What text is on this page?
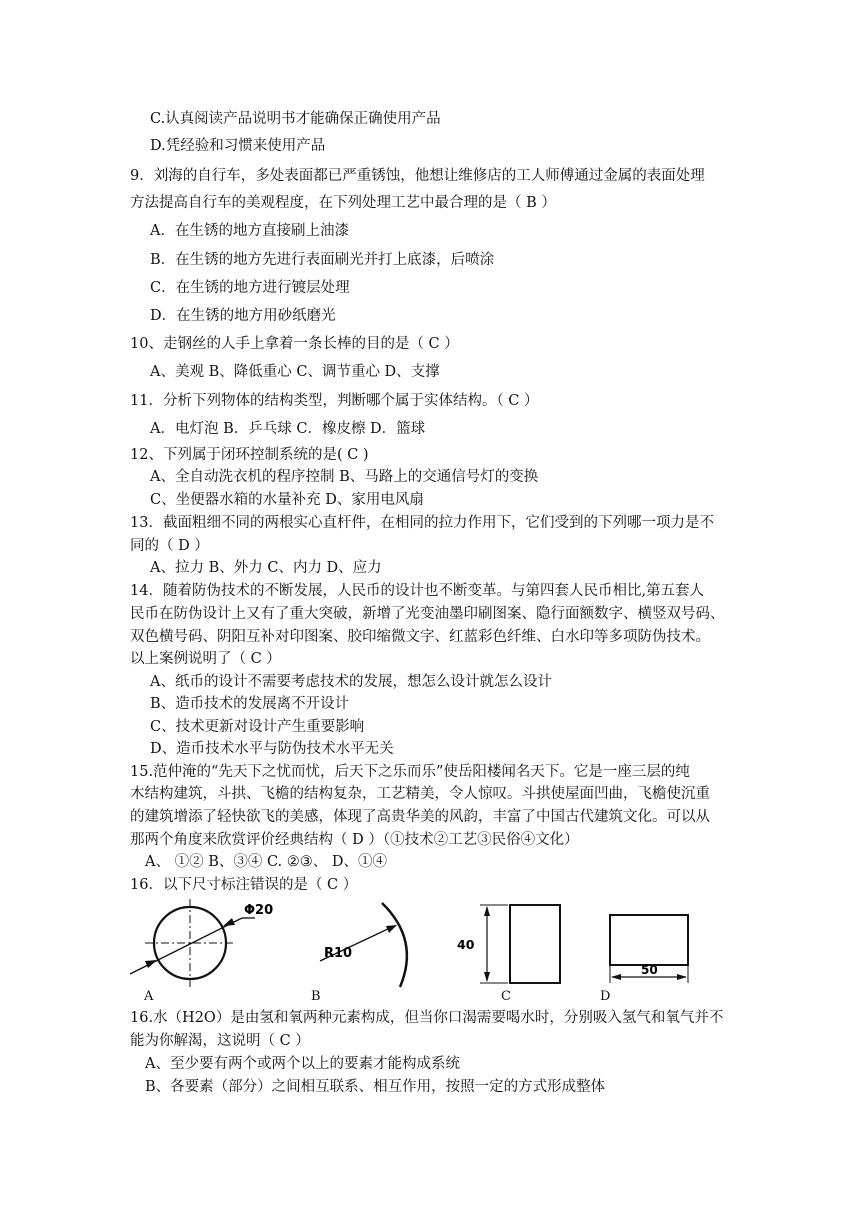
C.认真阅读产品说明书才能确保正确使用产品
D.凭经验和习惯来使用产品
9．刘海的自行车，多处表面都已严重锈蚀，他想让维修店的工人师傅通过金属的表面处理
方法提高自行车的美观程度，在下列处理工艺中最合理的是（ B ）
A．在生锈的地方直接刷上油漆
B．在生锈的地方先进行表面刷光并打上底漆，后喷涂
C．在生锈的地方进行镀层处理
D．在生锈的地方用砂纸磨光
10、走钢丝的人手上拿着一条长棒的目的是（ C ）
A、美观 B、降低重心 C、调节重心 D、支撑
11．分析下列物体的结构类型，判断哪个属于实体结构。（ C ）
A．电灯泡 B．乒乓球 C．橡皮檫 D．篮球
12、下列属于闭环控制系统的是( C )
A、全自动洗衣机的程序控制 B、马路上的交通信号灯的变换
C、坐便器水箱的水量补充 D、家用电风扇
13．截面粗细不同的两根实心直杆件，在相同的拉力作用下，它们受到的下列哪一项力是不
同的（ D ）
A、拉力 B、外力 C、内力 D、应力
14．随着防伪技术的不断发展，人民币的设计也不断变革。与第四套人民币相比,第五套人
民币在防伪设计上又有了重大突破，新增了光变油墨印刷图案、隐行面额数字、横竖双号码、
双色横号码、阴阳互补对印图案、胶印缩微文字、红蓝彩色纤维、白水印等多项防伪技术。
以上案例说明了（ C ）
A、纸币的设计不需要考虑技术的发展，想怎么设计就怎么设计
B、造币技术的发展离不开设计
C、技术更新对设计产生重要影响
D、造币技术水平与防伪技术水平无关
15.范仲淹的“先天下之忧而忧，后天下之乐而乐”使岳阳楼闻名天下。它是一座三层的纯
木结构建筑，斗拱、飞檐的结构复杂，工艺精美，令人惊叹。斗拱使屋面凹曲，飞檐使沉重
的建筑增添了轻快欲飞的美感，体现了高贵华美的风韵，丰富了中国古代建筑文化。可以从
那两个角度来欣赏评价经典结构（ D ）（①技术②工艺③民俗④文化）
A、 ①② B、③④ C. ②③、 D、①④
16．以下尺寸标注错误的是（ C ）
Φ20
R10
40
50
A	B	C	D
16.水（H2O）是由氢和氧两种元素构成，但当你口渴需要喝水时，分别吸入氢气和氧气并不
能为你解渴，这说明（ C ）
A、至少要有两个或两个以上的要素才能构成系统
B、各要素（部分）之间相互联系、相互作用，按照一定的方式形成整体
